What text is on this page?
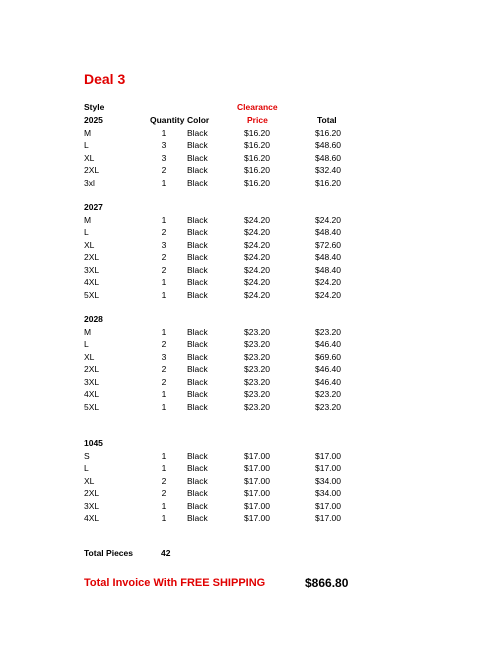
Deal 3
Style	Clearance
Quantity Color	Price	Total
2025
M	1	Black	$16.20	$16.20
L	3	Black	$16.20	$48.60
XL	3	Black	$16.20	$48.60
2XL	2	Black	$16.20	$32.40
3xl	1	Black	$16.20	$16.20
2027
M	1	Black	$24.20	$24.20
L	2	Black	$24.20	$48.40
XL	3	Black	$24.20	$72.60
2XL	2	Black	$24.20	$48.40
3XL	2	Black	$24.20	$48.40
4XL	1	Black	$24.20	$24.20
5XL	1	Black	$24.20	$24.20
2028
M	1	Black	$23.20	$23.20
L	2	Black	$23.20	$46.40
XL	3	Black	$23.20	$69.60
2XL	2	Black	$23.20	$46.40
3XL	2	Black	$23.20	$46.40
4XL	1	Black	$23.20	$23.20
5XL	1	Black	$23.20	$23.20
1045
S	1	Black	$17.00	$17.00
L	1	Black	$17.00	$17.00
XL	2	Black	$17.00	$34.00
2XL	2	Black	$17.00	$34.00
3XL	1	Black	$17.00	$17.00
4XL	1	Black	$17.00	$17.00
Total Pieces	42
Total Invoice With FREE SHIPPING	$866.80
